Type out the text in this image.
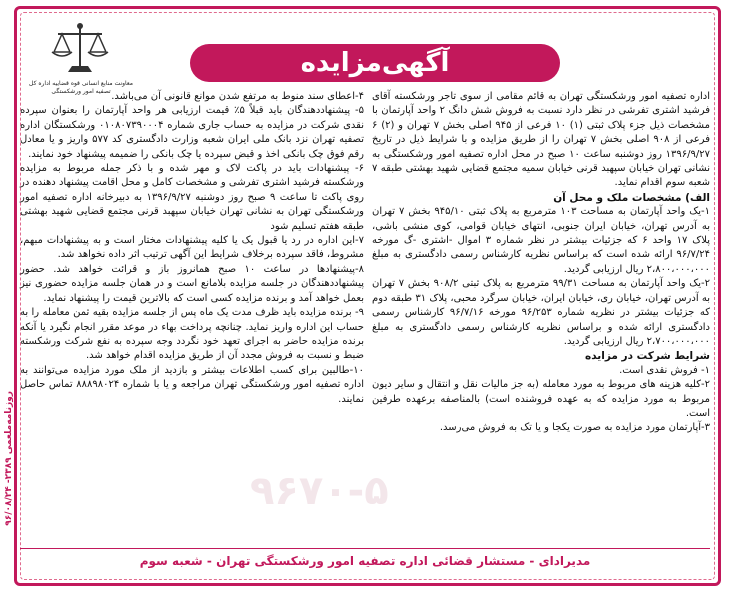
معاونت منابع انسانی قوه قضاییه اداره کل تصفیه امور ورشکستگی
آگهی‌مزایده
روزنامه‌ملعمی ۲۳۸۹- ۹۶/۰۸/۲۴
۹۶۷۰-۵

اداره تصفیه امور ورشکستگی تهران به قائم مقامی از سوی تاجر ورشکسته آقای فرشید اشتری تفرشی در نظر دارد نسبت به فروش شش دانگ ۲ واحد آپارتمان با مشخصات ذیل جزء پلاک ثبتی (۱) ۱۰ فرعی از ۹۴۵ اصلی بخش ۷ تهران و (۲) ۶ فرعی از ۹۰۸ اصلی بخش ۷ تهران را از طریق مزایده و با شرایط ذیل در تاریخ ۱۳۹۶/۹/۲۷ روز دوشنبه ساعت ۱۰ صبح در محل اداره تصفیه امور ورشکستگی به نشانی تهران خیابان سپهبد قرنی خیابان سمیه مجتمع قضایی شهید بهشتی طبقه ۷ شعبه سوم اقدام نماید.

الف) مشخصات ملک و محل آن

۱-یک واحد آپارتمان به مساحت ۱۰۳ مترمربع به پلاک ثبتی ۹۴۵/۱۰ بخش ۷ تهران به آدرس تهران، خیابان ایران جنوبی، انتهای خیابان قوامی، کوی منشی باشی، پلاک ۱۷ واحد ۶ که جزئیات بیشتر در نظر شماره ۳ اموال -اشتری -گ مورخه ۹۶/۷/۲۴ ارائه شده است که براساس نظریه کارشناس رسمی دادگستری به مبلغ ۲،۸۰۰،۰۰۰،۰۰۰ ریال ارزیابی گردید.

۲-یک واحد آپارتمان به مساحت ۹۹/۳۱ مترمربع به پلاک ثبتی ۹۰۸/۲ بخش ۷ تهران به آدرس تهران، خیابان ری، خیابان ایران، خیابان سرگرد محبی، پلاک ۳۱ طبقه دوم که جزئیات بیشتر در نظریه شماره ۹۶/۲۵۳ مورخه ۹۶/۷/۱۶ کارشناس رسمی دادگستری ارائه شده و براساس نظریه کارشناس رسمی دادگستری به مبلغ ۲،۷۰۰،۰۰۰،۰۰۰ ریال ارزیابی گردید.

شرایط شرکت در مزایده

۱- فروش نقدی است.

۲-کلیه هزینه های مربوط به مورد معامله (به جز مالیات نقل و انتقال و سایر دیون مربوط به مورد مزایده که به عهده فروشنده است) بالمناصفه برعهده طرفین است.

۳-آپارتمان مورد مزایده به صورت یکجا و یا تک به فروش می‌رسد.

۴-اعطای سند منوط به مرتفع شدن موانع قانونی آن می‌باشد.

۵- پیشنهاددهندگان باید قبلاً ۵٪ قیمت ارزیابی هر واحد آپارتمان را بعنوان سپرده نقدی شرکت در مزایده به حساب جاری شماره ۰۱۰۸۰۷۳۹۰۰۰۴ ورشکستگان اداره تصفیه تهران نزد بانک ملی ایران شعبه وزارت دادگستری کد ۵۷۷ واریز و یا معادل رقم فوق چک بانکی اخذ و قبض سپرده یا چک بانکی را ضمیمه پیشنهاد خود نمایند.

۶- پیشنهادات باید در پاکت لاک و مهر شده و با ذکر جمله مربوط به مزایده ورشکسته فرشید اشتری تفرشی و مشخصات کامل و محل اقامت پیشنهاد دهنده در روی پاکت تا ساعت ۹ صبح روز دوشنبه ۱۳۹۶/۹/۲۷ به دبیرخانه اداره تصفیه امور ورشکستگی تهران به نشانی تهران خیابان سپهبد قرنی مجتمع قضایی شهید بهشتی طبقه هفتم تسلیم شود

۷-این اداره در رد یا قبول یک یا کلیه پیشنهادات مختار است و به پیشنهادات مبهم، مشروط، فاقد سپرده برخلاف شرایط این آگهی ترتیب اثر داده نخواهد شد.

۸-پیشنهادها در ساعت ۱۰ صبح همانروز باز و قرائت خواهد شد. حضور پیشنهاددهندگان در جلسه مزایده بلامانع است و در همان جلسه مزایده حضوری نیز بعمل خواهد آمد و برنده مزایده کسی است که بالاترین قیمت را پیشنهاد نماید.

۹- برنده مزایده باید ظرف مدت یک ماه پس از جلسه مزایده بقیه ثمن معامله را به حساب این اداره واریز نماید. چنانچه پرداخت بهاء در موعد مقرر انجام نگیرد یا آنکه برنده مزایده حاضر به اجرای تعهد خود نگردد وجه سپرده به نفع شرکت ورشکسته ضبط و نسبت به فروش مجدد آن از طریق مزایده اقدام خواهد شد.

۱۰-طالبین برای کسب اطلاعات بیشتر و بازدید از ملک مورد مزایده می‌توانند به اداره تصفیه امور ورشکستگی تهران مراجعه و یا با شماره ۸۸۸۹۸۰۲۴ تماس حاصل نمایند.

مدیرادای - مستشار قضائی اداره تصفیه امور ورشکستگی تهران - شعبه سوم
